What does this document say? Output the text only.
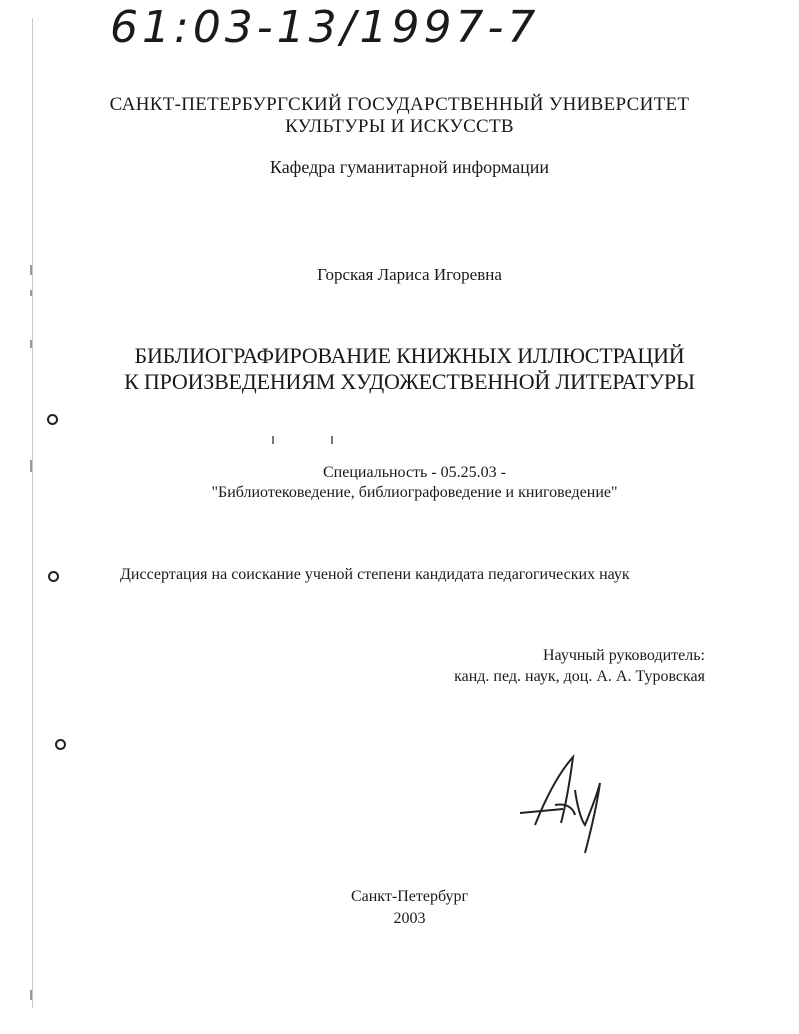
61:03-13/1997-7
САНКТ-ПЕТЕРБУРГСКИЙ ГОСУДАРСТВЕННЫЙ УНИВЕРСИТЕТ
КУЛЬТУРЫ И ИСКУССТВ
Кафедра гуманитарной информации
Горская Лариса Игоревна
БИБЛИОГРАФИРОВАНИЕ КНИЖНЫХ ИЛЛЮСТРАЦИЙ
К ПРОИЗВЕДЕНИЯМ ХУДОЖЕСТВЕННОЙ ЛИТЕРАТУРЫ
Специальность - 05.25.03 -
"Библиотековедение, библиографоведение и книговедение"
Диссертация на соискание ученой степени кандидата педагогических наук
Научный руководитель:
канд. пед. наук, доц. А. А. Туровская
Санкт-Петербург
2003
